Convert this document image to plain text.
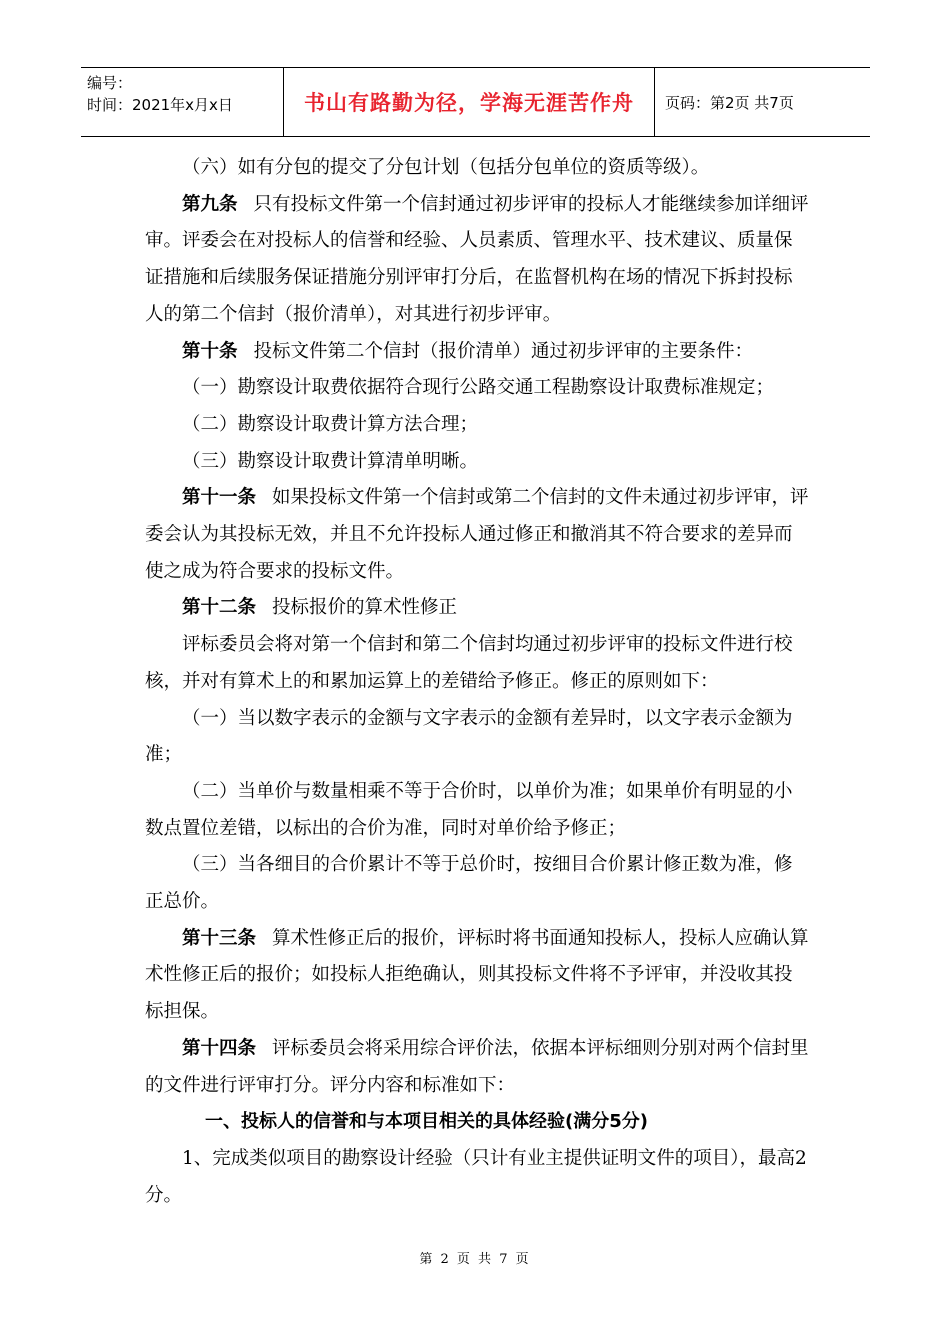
编号：
时间：2021年x月x日	书山有路勤为径，学海无涯苦作舟	页码：第2页 共7页

（六）如有分包的提交了分包计划（包括分包单位的资质等级）。

第九条 只有投标文件第一个信封通过初步评审的投标人才能继续参加详细评审。评委会在对投标人的信誉和经验、人员素质、管理水平、技术建议、质量保证措施和后续服务保证措施分别评审打分后，在监督机构在场的情况下拆封投标人的第二个信封（报价清单），对其进行初步评审。

第十条 投标文件第二个信封（报价清单）通过初步评审的主要条件：

（一）勘察设计取费依据符合现行公路交通工程勘察设计取费标准规定；

（二）勘察设计取费计算方法合理；

（三）勘察设计取费计算清单明晰。

第十一条 如果投标文件第一个信封或第二个信封的文件未通过初步评审，评委会认为其投标无效，并且不允许投标人通过修正和撤消其不符合要求的差异而使之成为符合要求的投标文件。

第十二条 投标报价的算术性修正

评标委员会将对第一个信封和第二个信封均通过初步评审的投标文件进行校核，并对有算术上的和累加运算上的差错给予修正。修正的原则如下：

（一）当以数字表示的金额与文字表示的金额有差异时，以文字表示金额为准；

（二）当单价与数量相乘不等于合价时，以单价为准；如果单价有明显的小数点置位差错，以标出的合价为准，同时对单价给予修正；

（三）当各细目的合价累计不等于总价时，按细目合价累计修正数为准，修正总价。

第十三条 算术性修正后的报价，评标时将书面通知投标人，投标人应确认算术性修正后的报价；如投标人拒绝确认，则其投标文件将不予评审，并没收其投标担保。

第十四条 评标委员会将采用综合评价法，依据本评标细则分别对两个信封里的文件进行评审打分。评分内容和标准如下：

一、投标人的信誉和与本项目相关的具体经验(满分5分)

1、完成类似项目的勘察设计经验（只计有业主提供证明文件的项目），最高2分。

第 2 页 共 7 页
